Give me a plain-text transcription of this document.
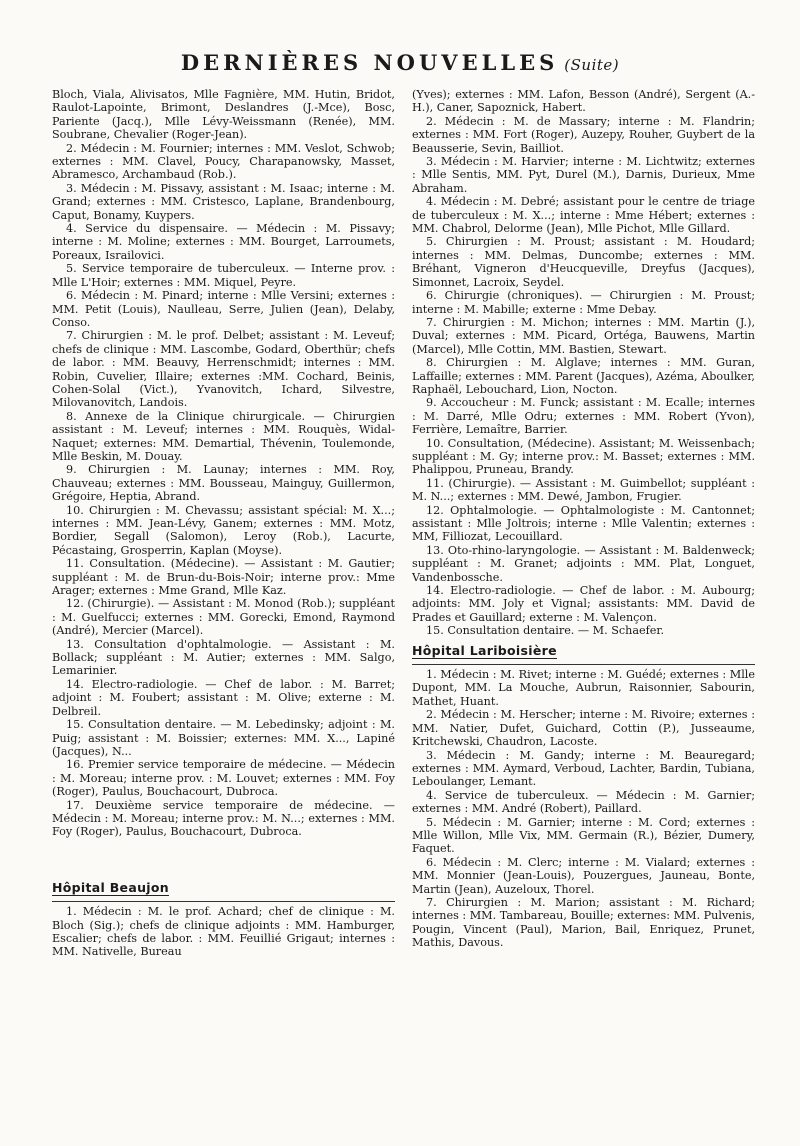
DERNIÈRES NOUVELLES (Suite)

Bloch, Viala, Alivisatos, Mlle Fagnière, MM. Hutin, Bridot, Raulot-Lapointe, Brimont, Deslandres (J.-Mce), Bosc, Pariente (Jacq.), Mlle Lévy-Weissmann (Renée), MM. Soubrane, Chevalier (Roger-Jean).

2. Médecin : M. Fournier; internes : MM. Veslot, Schwob; externes : MM. Clavel, Poucy, Charapanowsky, Masset, Abramesco, Archambaud (Rob.).

3. Médecin : M. Pissavy, assistant : M. Isaac; interne : M. Grand; externes : MM. Cristesco, Laplane, Brandenbourg, Caput, Bonamy, Kuypers.

4. Service du dispensaire. — Médecin : M. Pissavy; interne : M. Moline; externes : MM. Bourget, Larroumets, Poreaux, Israilovici.

5. Service temporaire de tuberculeux. — Interne prov. : Mlle L'Hoir; externes : MM. Miquel, Peyre.

6. Médecin : M. Pinard; interne : Mlle Versini; externes : MM. Petit (Louis), Naulleau, Serre, Julien (Jean), Delaby, Conso.

7. Chirurgien : M. le prof. Delbet; assistant : M. Leveuf; chefs de clinique : MM. Lascombe, Godard, Oberthür; chefs de labor. : MM. Beauvy, Herrenschmidt; internes : MM. Robin, Cuvelier, Illaire; externes :MM. Cochard, Beinis, Cohen-Solal (Vict.), Yvanovitch, Ichard, Silvestre, Milovanovitch, Landois.

8. Annexe de la Clinique chirurgicale. — Chirurgien assistant : M. Leveuf; internes : MM. Rouquès, Widal-Naquet; externes: MM. Demartial, Thévenin, Toulemonde, Mlle Beskin, M. Douay.

9. Chirurgien : M. Launay; internes : MM. Roy, Chauveau; externes : MM. Bousseau, Mainguy, Guillermon, Grégoire, Heptia, Abrand.

10. Chirurgien : M. Chevassu; assistant spécial: M. X...; internes : MM. Jean-Lévy, Ganem; externes : MM. Motz, Bordier, Segall (Salomon), Leroy (Rob.), Lacurte, Pécastaing, Grosperrin, Kaplan (Moyse).

11. Consultation. (Médecine). — Assistant : M. Gautier; suppléant : M. de Brun-du-Bois-Noir; interne prov.: Mme Arager; externes : Mme Grand, Mlle Kaz.

12. (Chirurgie). — Assistant : M. Monod (Rob.); suppléant : M. Guelfucci; externes : MM. Gorecki, Emond, Raymond (André), Mercier (Marcel).

13. Consultation d'ophtalmologie. — Assistant : M. Bollack; suppléant : M. Autier; externes : MM. Salgo, Lemarinier.

14. Electro-radiologie. — Chef de labor. : M. Barret; adjoint : M. Foubert; assistant : M. Olive; externe : M. Delbreil.

15. Consultation dentaire. — M. Lebedinsky; adjoint : M. Puig; assistant : M. Boissier; externes: MM. X..., Lapiné (Jacques), N...

16. Premier service temporaire de médecine. — Médecin : M. Moreau; interne prov. : M. Louvet; externes : MM. Foy (Roger), Paulus, Bouchacourt, Dubroca.

17. Deuxième service temporaire de médecine. — Médecin : M. Moreau; interne prov.: M. N...; externes : MM. Foy (Roger), Paulus, Bouchacourt, Dubroca.

Hôpital Beaujon

1. Médecin : M. le prof. Achard; chef de clinique : M. Bloch (Sig.); chefs de clinique adjoints : MM. Hamburger, Escalier; chefs de labor. : MM. Feuillié Grigaut; internes : MM. Nativelle, Bureau

(Yves); externes : MM. Lafon, Besson (André), Sergent (A.-H.), Caner, Sapoznick, Habert.

2. Médecin : M. de Massary; interne : M. Flandrin; externes : MM. Fort (Roger), Auzepy, Rouher, Guybert de la Beausserie, Sevin, Bailliot.

3. Médecin : M. Harvier; interne : M. Lichtwitz; externes : Mlle Sentis, MM. Pyt, Durel (M.), Darnis, Durieux, Mme Abraham.

4. Médecin : M. Debré; assistant pour le centre de triage de tuberculeux : M. X...; interne : Mme Hébert; externes : MM. Chabrol, Delorme (Jean), Mlle Pichot, Mlle Gillard.

5. Chirurgien : M. Proust; assistant : M. Houdard; internes : MM. Delmas, Duncombe; externes : MM. Bréhant, Vigneron d'Heucqueville, Dreyfus (Jacques), Simonnet, Lacroix, Seydel.

6. Chirurgie (chroniques). — Chirurgien : M. Proust; interne : M. Mabille; externe : Mme Debay.

7. Chirurgien : M. Michon; internes : MM. Martin (J.), Duval; externes : MM. Picard, Ortéga, Bauwens, Martin (Marcel), Mlle Cottin, MM. Bastien, Stewart.

8. Chirurgien : M. Alglave; internes : MM. Guran, Laffaille; externes : MM. Parent (Jacques), Azéma, Aboulker, Raphaël, Lebouchard, Lion, Nocton.

9. Accoucheur : M. Funck; assistant : M. Ecalle; internes : M. Darré, Mlle Odru; externes : MM. Robert (Yvon), Ferrière, Lemaître, Barrier.

10. Consultation, (Médecine). Assistant; M. Weissenbach; suppléant : M. Gy; interne prov.: M. Basset; externes : MM. Phalippou, Pruneau, Brandy.

11. (Chirurgie). — Assistant : M. Guimbellot; suppléant : M. N...; externes : MM. Dewé, Jambon, Frugier.

12. Ophtalmologie. — Ophtalmologiste : M. Cantonnet; assistant : Mlle Joltrois; interne : Mlle Valentin; externes : MM, Filliozat, Lecouillard.

13. Oto-rhino-laryngologie. — Assistant : M. Baldenweck; suppléant : M. Granet; adjoints : MM. Plat, Longuet, Vandenbossche.

14. Electro-radiologie. — Chef de labor. : M. Aubourg; adjoints: MM. Joly et Vignal; assistants: MM. David de Prades et Gauillard; externe : M. Valençon.

15. Consultation dentaire. — M. Schaefer.

Hôpital Lariboisière

1. Médecin : M. Rivet; interne : M. Guédé; externes : Mlle Dupont, MM. La Mouche, Aubrun, Raisonnier, Sabourin, Mathet, Huant.

2. Médecin : M. Herscher; interne : M. Rivoire; externes : MM. Natier, Dufet, Guichard, Cottin (P.), Jusseaume, Kritchewski, Chaudron, Lacoste.

3. Médecin : M. Gandy; interne : M. Beauregard; externes : MM. Aymard, Verboud, Lachter, Bardin, Tubiana, Leboulanger, Lemant.

4. Service de tuberculeux. — Médecin : M. Garnier; externes : MM. André (Robert), Paillard.

5. Médecin : M. Garnier; interne : M. Cord; externes : Mlle Willon, Mlle Vix, MM. Germain (R.), Bézier, Dumery, Faquet.

6. Médecin : M. Clerc; interne : M. Vialard; externes : MM. Monnier (Jean-Louis), Pouzergues, Jauneau, Bonte, Martin (Jean), Auzeloux, Thorel.

7. Chirurgien : M. Marion; assistant : M. Richard; internes : MM. Tambareau, Bouille; externes: MM. Pulvenis, Pougin, Vincent (Paul), Marion, Bail, Enriquez, Prunet, Mathis, Davous.
